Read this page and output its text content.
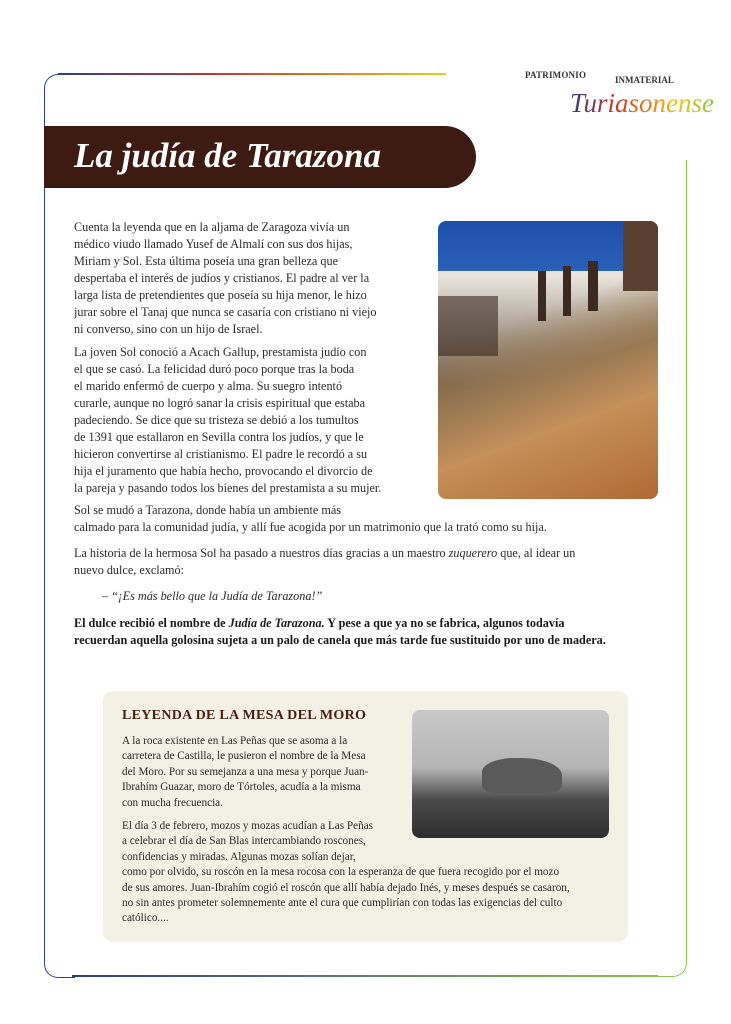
PATRIMONIO	INMATERIAL
Turiasonense
La judía de Tarazona
Cuenta la leyenda que en la aljama de Zaragoza vivía un
médico viudo llamado Yusef de Almalí con sus dos hijas,
Miriam y Sol. Esta última poseía una gran belleza que
despertaba el interés de judíos y cristianos. El padre al ver la
larga lista de pretendientes que poseía su hija menor, le hizo
jurar sobre el Tanaj que nunca se casaría con cristiano ni viejo
ni converso, sino con un hijo de Israel.
La joven Sol conoció a Acach Gallup, prestamista judío con
el que se casó. La felicidad duró poco porque tras la boda
el marido enfermó de cuerpo y alma. Su suegro intentó
curarle, aunque no logró sanar la crisis espiritual que estaba
padeciendo. Se dice que su tristeza se debió a los tumultos
de 1391 que estallaron en Sevilla contra los judíos, y que le
hicieron convertirse al cristianismo. El padre le recordó a su
hija el juramento que había hecho, provocando el divorcio de
la pareja y pasando todos los bienes del prestamista a su mujer.
Sol se mudó a Tarazona, donde había un ambiente más
calmado para la comunidad judía, y allí fue acogida por un matrimonio que la trató como su hija.
La historia de la hermosa Sol ha pasado a nuestros días gracias a un maestro zuquerero que, al idear un
nuevo dulce, exclamó:
– “¡Es más bello que la Judía de Tarazona!”
El dulce recibió el nombre de Judía de Tarazona. Y pese a que ya no se fabrica, algunos todavía
recuerdan aquella golosina sujeta a un palo de canela que más tarde fue sustituido por uno de madera.
LEYENDA DE LA MESA DEL MORO
A la roca existente en Las Peñas que se asoma a la
carretera de Castilla, le pusieron el nombre de la Mesa
del Moro. Por su semejanza a una mesa y porque Juan-
Ibrahím Guazar, moro de Tórtoles, acudía a la misma
con mucha frecuencia.
El día 3 de febrero, mozos y mozas acudían a Las Peñas
a celebrar el día de San Blas intercambiando roscones,
confidencias y miradas. Algunas mozas solían dejar,
como por olvido, su roscón en la mesa rocosa con la esperanza de que fuera recogido por el mozo
de sus amores. Juan-Ibrahím cogió el roscón que allí había dejado Inés, y meses después se casaron,
no sin antes prometer solemnemente ante el cura que cumplirían con todas las exigencias del culto
católico....
